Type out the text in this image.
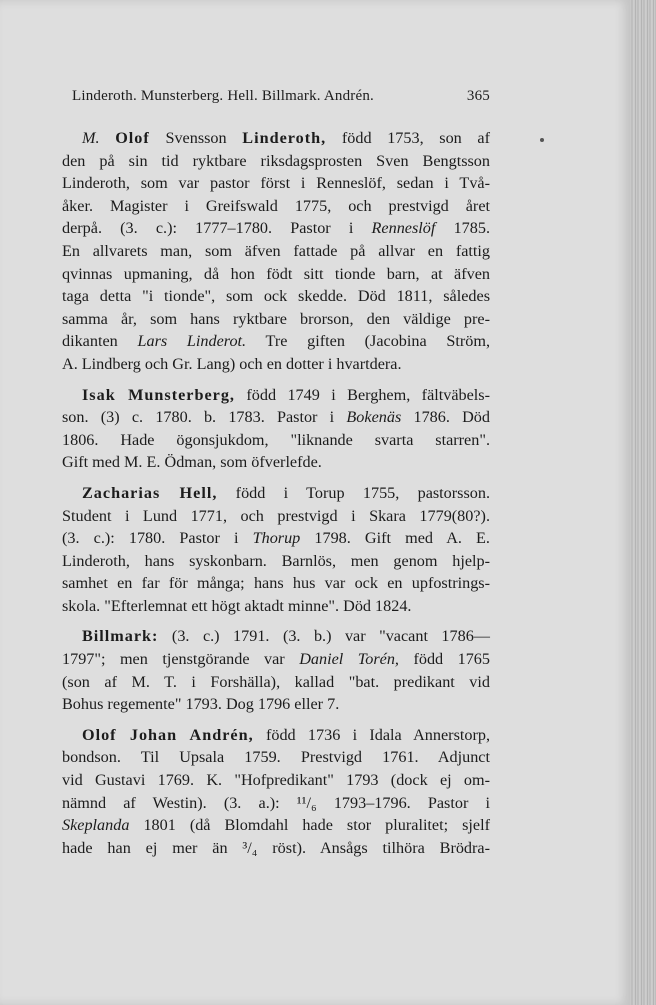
Linderoth. Munsterberg. Hell. Billmark. Andrén.	365
M. Olof Svensson Linderoth, född 1753, son af
den på sin tid ryktbare riksdagsprosten Sven Bengtsson
Linderoth, som var pastor först i Renneslöf, sedan i Två-
åker. Magister i Greifswald 1775, och prestvigd året
derpå. (3. c.): 1777–1780. Pastor i Renneslöf 1785.
En allvarets man, som äfven fattade på allvar en fattig
qvinnas upmaning, då hon födt sitt tionde barn, at äfven
taga detta "i tionde", som ock skedde. Död 1811, således
samma år, som hans ryktbare brorson, den väldige pre-
dikanten Lars Linderot. Tre giften (Jacobina Ström,
A. Lindberg och Gr. Lang) och en dotter i hvartdera.
Isak Munsterberg, född 1749 i Berghem, fältväbels-
son. (3) c. 1780. b. 1783. Pastor i Bokenäs 1786. Död
1806. Hade ögonsjukdom, "liknande svarta starren".
Gift med M. E. Ödman, som öfverlefde.
Zacharias Hell, född i Torup 1755, pastorsson.
Student i Lund 1771, och prestvigd i Skara 1779(80?).
(3. c.): 1780. Pastor i Thorup 1798. Gift med A. E.
Linderoth, hans syskonbarn. Barnlös, men genom hjelp-
samhet en far för många; hans hus var ock en upfostrings-
skola. "Efterlemnat ett högt aktadt minne". Död 1824.
Billmark: (3. c.) 1791. (3. b.) var "vacant 1786—
1797"; men tjenstgörande var Daniel Torén, född 1765
(son af M. T. i Forshälla), kallad "bat. predikant vid
Bohus regemente" 1793. Dog 1796 eller 7.
Olof Johan Andrén, född 1736 i Idala Annerstorp,
bondson. Til Upsala 1759. Prestvigd 1761. Adjunct
vid Gustavi 1769. K. "Hofpredikant" 1793 (dock ej om-
nämnd af Westin). (3. a.): ¹¹/₆ 1793–1796. Pastor i
Skeplanda 1801 (då Blomdahl hade stor pluralitet; sjelf
hade han ej mer än ³/₄ röst). Ansågs tilhöra Brödra-
